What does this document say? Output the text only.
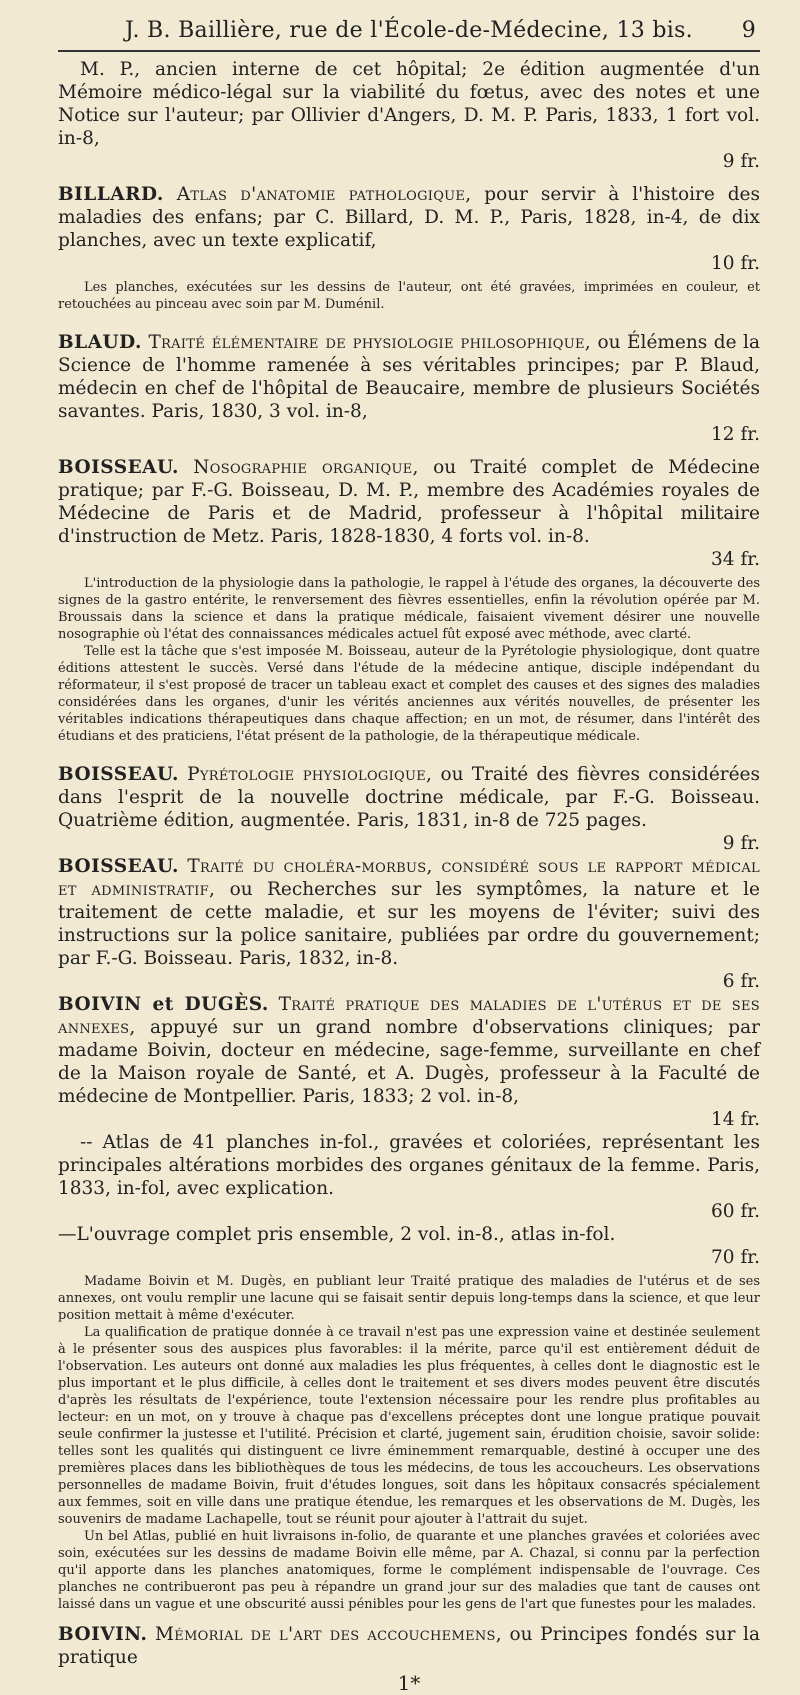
J. B. Baillière, rue de l'École-de-Médecine, 13 bis. 9

M. P., ancien interne de cet hôpital; 2e édition augmentée d'un Mémoire médico-légal sur la viabilité du fœtus, avec des notes et une Notice sur l'auteur; par Ollivier d'Angers, D. M. P. Paris, 1833, 1 fort vol. in-8,

9 fr.

BILLARD. Atlas d'anatomie pathologique, pour servir à l'histoire des maladies des enfans; par C. Billard, D. M. P., Paris, 1828, in-4, de dix planches, avec un texte explicatif,

10 fr.

Les planches, exécutées sur les dessins de l'auteur, ont été gravées, imprimées en couleur, et retouchées au pinceau avec soin par M. Duménil.

BLAUD. Traité élémentaire de physiologie philosophique, ou Élémens de la Science de l'homme ramenée à ses véritables principes; par P. Blaud, médecin en chef de l'hôpital de Beaucaire, membre de plusieurs Sociétés savantes. Paris, 1830, 3 vol. in-8,

12 fr.

BOISSEAU. Nosographie organique, ou Traité complet de Médecine pratique; par F.-G. Boisseau, D. M. P., membre des Académies royales de Médecine de Paris et de Madrid, professeur à l'hôpital militaire d'instruction de Metz. Paris, 1828-1830, 4 forts vol. in-8.

34 fr.

L'introduction de la physiologie dans la pathologie, le rappel à l'étude des organes, la découverte des signes de la gastro entérite, le renversement des fièvres essentielles, enfin la révolution opérée par M. Broussais dans la science et dans la pratique médicale, faisaient vivement désirer une nouvelle nosographie où l'état des connaissances médicales actuel fût exposé avec méthode, avec clarté.

Telle est la tâche que s'est imposée M. Boisseau, auteur de la Pyrétologie physiologique, dont quatre éditions attestent le succès. Versé dans l'étude de la médecine antique, disciple indépendant du réformateur, il s'est proposé de tracer un tableau exact et complet des causes et des signes des maladies considérées dans les organes, d'unir les vérités anciennes aux vérités nouvelles, de présenter les véritables indications thérapeutiques dans chaque affection; en un mot, de résumer, dans l'intérêt des étudians et des praticiens, l'état présent de la pathologie, de la thérapeutique médicale.

BOISSEAU. Pyrétologie physiologique, ou Traité des fièvres considérées dans l'esprit de la nouvelle doctrine médicale, par F.-G. Boisseau. Quatrième édition, augmentée. Paris, 1831, in-8 de 725 pages.

9 fr.

BOISSEAU. Traité du choléra-morbus, considéré sous le rapport médical et administratif, ou Recherches sur les symptômes, la nature et le traitement de cette maladie, et sur les moyens de l'éviter; suivi des instructions sur la police sanitaire, publiées par ordre du gouvernement; par F.-G. Boisseau. Paris, 1832, in-8.

6 fr.

BOIVIN et DUGÈS. Traité pratique des maladies de l'utérus et de ses annexes, appuyé sur un grand nombre d'observations cliniques; par madame Boivin, docteur en médecine, sage-femme, surveillante en chef de la Maison royale de Santé, et A. Dugès, professeur à la Faculté de médecine de Montpellier. Paris, 1833; 2 vol. in-8,

14 fr.

-- Atlas de 41 planches in-fol., gravées et coloriées, représentant les principales altérations morbides des organes génitaux de la femme. Paris, 1833, in-fol, avec explication.

60 fr.

—L'ouvrage complet pris ensemble, 2 vol. in-8., atlas in-fol.

70 fr.

Madame Boivin et M. Dugès, en publiant leur Traité pratique des maladies de l'utérus et de ses annexes, ont voulu remplir une lacune qui se faisait sentir depuis long-temps dans la science, et que leur position mettait à même d'exécuter.

La qualification de pratique donnée à ce travail n'est pas une expression vaine et destinée seulement à le présenter sous des auspices plus favorables: il la mérite, parce qu'il est entièrement déduit de l'observation. Les auteurs ont donné aux maladies les plus fréquentes, à celles dont le diagnostic est le plus important et le plus difficile, à celles dont le traitement et ses divers modes peuvent être discutés d'après les résultats de l'expérience, toute l'extension nécessaire pour les rendre plus profitables au lecteur: en un mot, on y trouve à chaque pas d'excellens préceptes dont une longue pratique pouvait seule confirmer la justesse et l'utilité. Précision et clarté, jugement sain, érudition choisie, savoir solide: telles sont les qualités qui distinguent ce livre éminemment remarquable, destiné à occuper une des premières places dans les bibliothèques de tous les médecins, de tous les accoucheurs. Les observations personnelles de madame Boivin, fruit d'études longues, soit dans les hôpitaux consacrés spécialement aux femmes, soit en ville dans une pratique étendue, les remarques et les observations de M. Dugès, les souvenirs de madame Lachapelle, tout se réunit pour ajouter à l'attrait du sujet.

Un bel Atlas, publié en huit livraisons in-folio, de quarante et une planches gravées et coloriées avec soin, exécutées sur les dessins de madame Boivin elle même, par A. Chazal, si connu par la perfection qu'il apporte dans les planches anatomiques, forme le complément indispensable de l'ouvrage. Ces planches ne contribueront pas peu à répandre un grand jour sur des maladies que tant de causes ont laissé dans un vague et une obscurité aussi pénibles pour les gens de l'art que funestes pour les malades.

BOIVIN. Mémorial de l'art des accouchemens, ou Principes fondés sur la pratique

1*
